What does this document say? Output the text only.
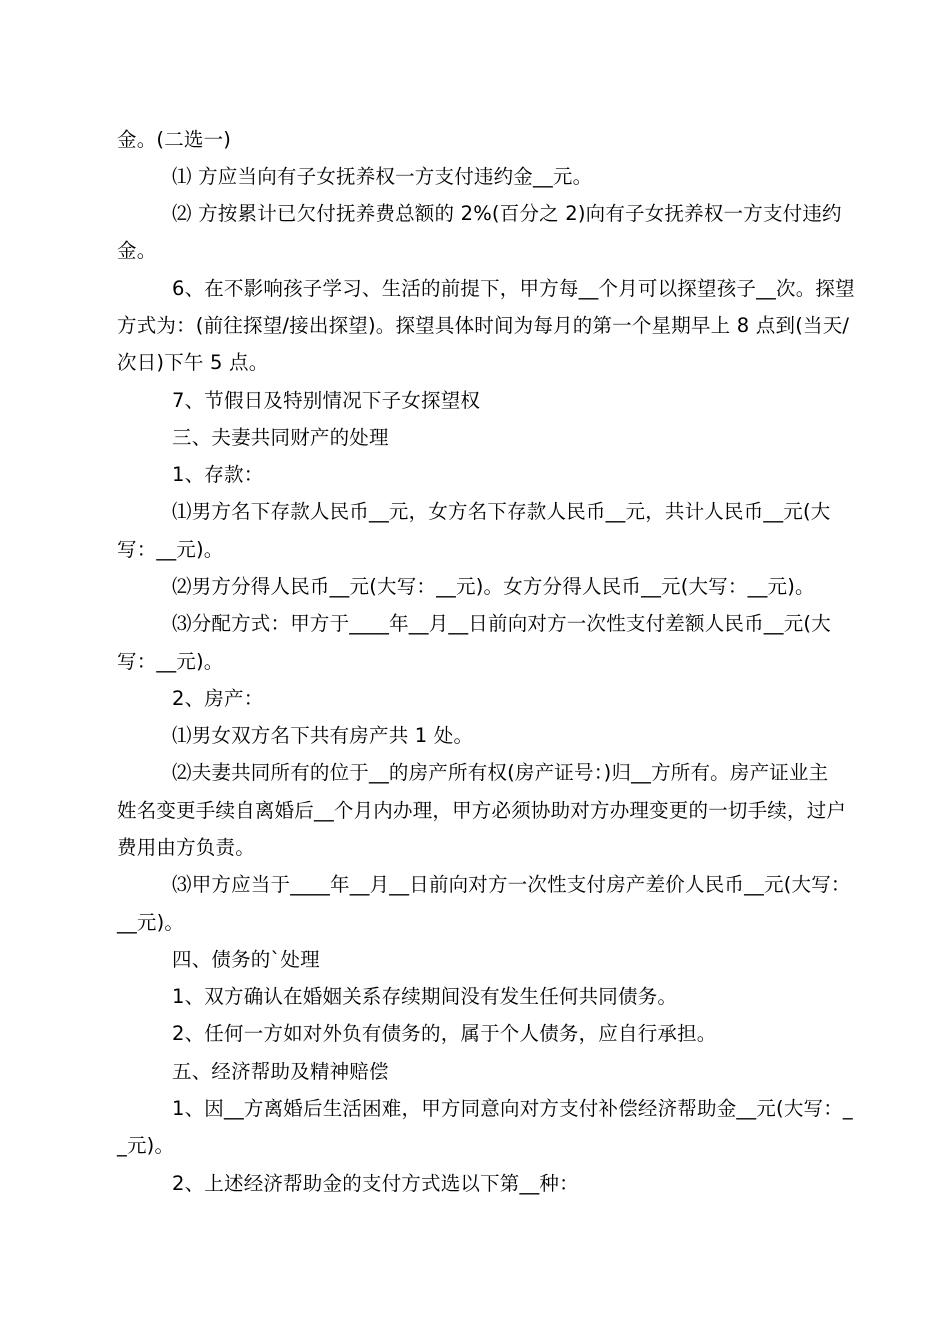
金。(二选一)
⑴ 方应当向有子女抚养权一方支付违约金__元。
⑵ 方按累计已欠付抚养费总额的 2%(百分之 2)向有子女抚养权一方支付违约
金。
6、在不影响孩子学习、生活的前提下，甲方每__个月可以探望孩子__次。探望
方式为：(前往探望/接出探望)。探望具体时间为每月的第一个星期早上 8 点到(当天/
次日)下午 5 点。
7、节假日及特别情况下子女探望权
三、夫妻共同财产的处理
1、存款：
⑴男方名下存款人民币__元，女方名下存款人民币__元，共计人民币__元(大
写：__元)。
⑵男方分得人民币__元(大写：__元)。女方分得人民币__元(大写：__元)。
⑶分配方式：甲方于____年__月__日前向对方一次性支付差额人民币__元(大
写：__元)。
2、房产：
⑴男女双方名下共有房产共 1 处。
⑵夫妻共同所有的位于__的房产所有权(房产证号：)归__方所有。房产证业主
姓名变更手续自离婚后__个月内办理，甲方必须协助对方办理变更的一切手续，过户
费用由方负责。
⑶甲方应当于____年__月__日前向对方一次性支付房产差价人民币__元(大写：
__元)。
四、债务的`处理
1、双方确认在婚姻关系存续期间没有发生任何共同债务。
2、任何一方如对外负有债务的，属于个人债务，应自行承担。
五、经济帮助及精神赔偿
1、因__方离婚后生活困难，甲方同意向对方支付补偿经济帮助金__元(大写：_
_元)。
2、上述经济帮助金的支付方式选以下第__种：
